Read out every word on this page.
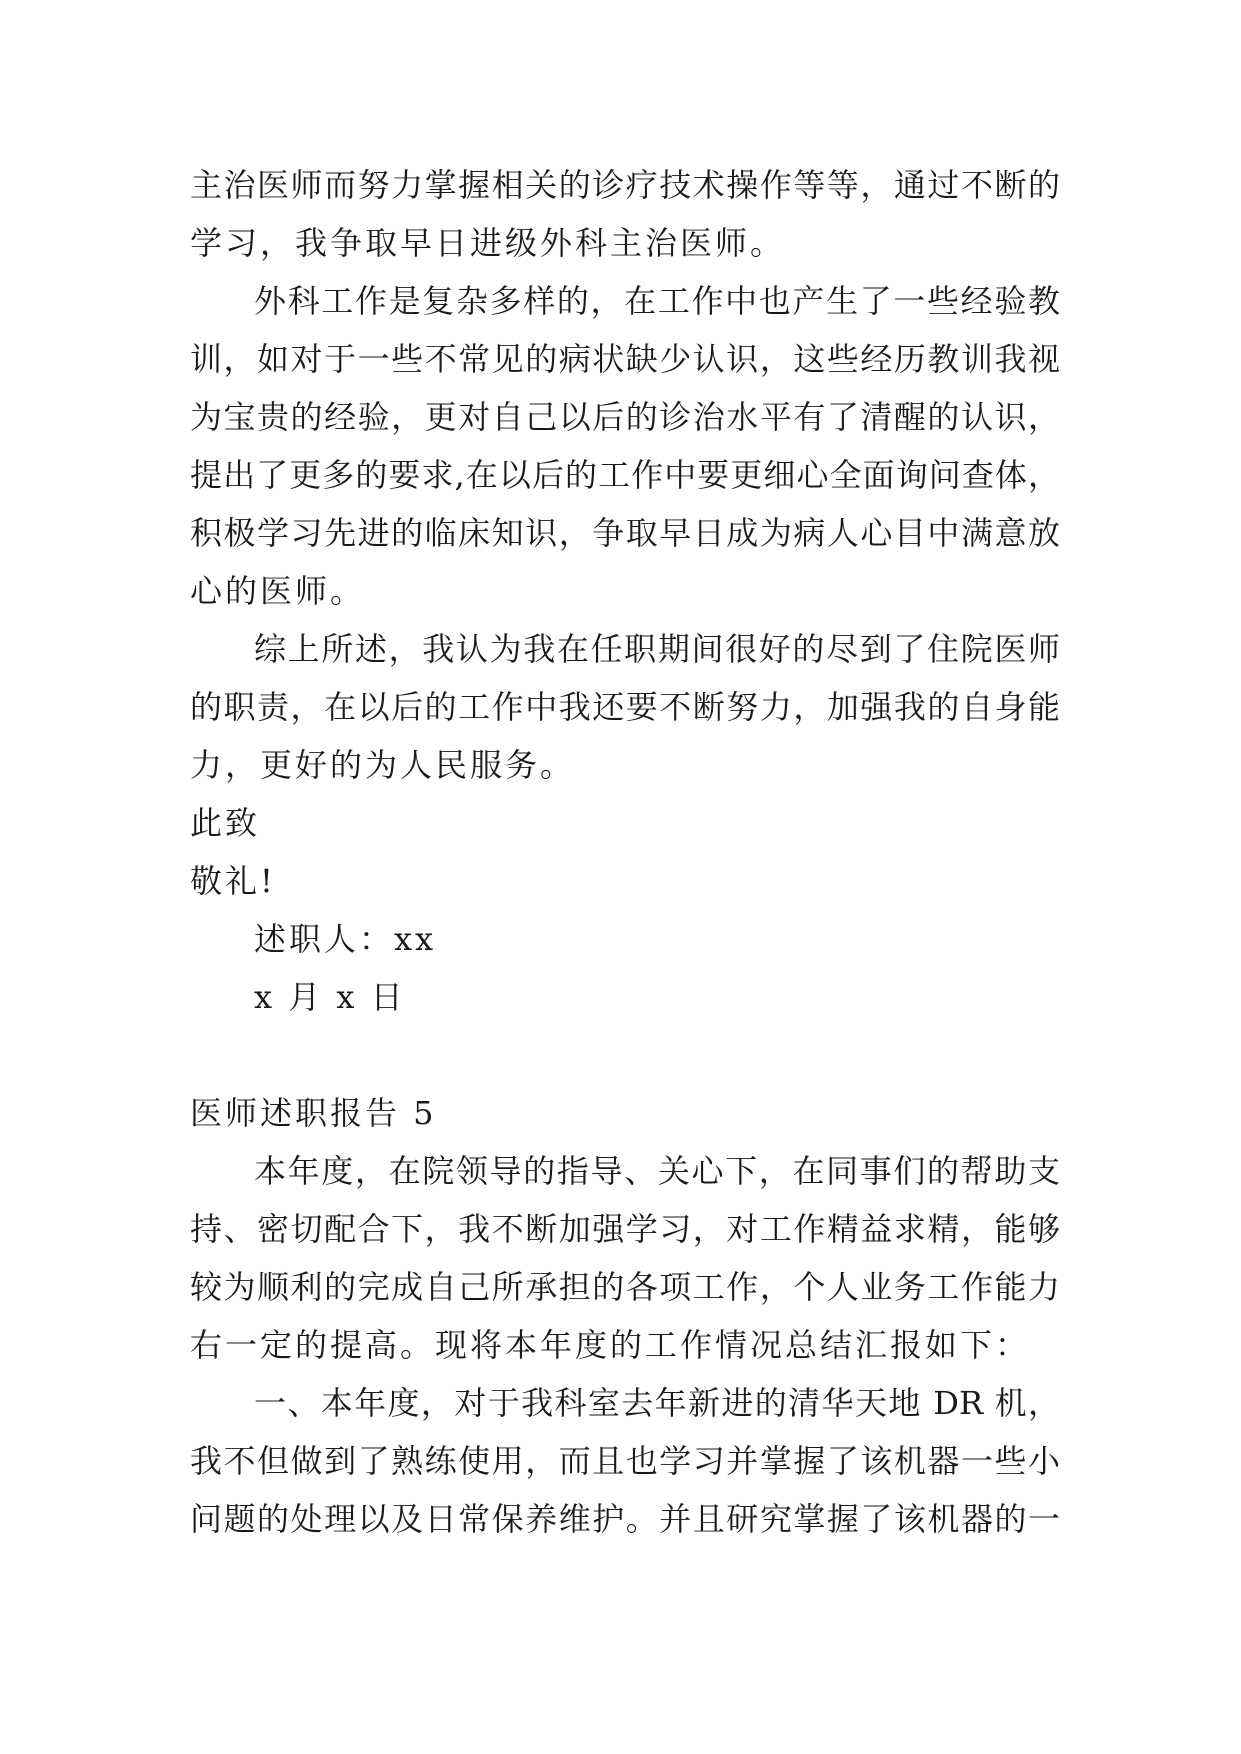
主治医师而努力掌握相关的诊疗技术操作等等，通过不断的
学习，我争取早日进级外科主治医师。
外科工作是复杂多样的，在工作中也产生了一些经验教
训，如对于一些不常见的病状缺少认识，这些经历教训我视
为宝贵的经验，更对自己以后的诊治水平有了清醒的认识，
提出了更多的要求,在以后的工作中要更细心全面询问查体，
积极学习先进的临床知识，争取早日成为病人心目中满意放
心的医师。
综上所述，我认为我在任职期间很好的尽到了住院医师
的职责，在以后的工作中我还要不断努力，加强我的自身能
力，更好的为人民服务。
此致
敬礼!
述职人：xx
x 月 x 日
医师述职报告 5
本年度，在院领导的指导、关心下，在同事们的帮助支
持、密切配合下，我不断加强学习，对工作精益求精，能够
较为顺利的完成自己所承担的各项工作，个人业务工作能力
右一定的提高。现将本年度的工作情况总结汇报如下：
一、本年度，对于我科室去年新进的清华天地 DR 机，
我不但做到了熟练使用，而且也学习并掌握了该机器一些小
问题的处理以及日常保养维护。并且研究掌握了该机器的一
